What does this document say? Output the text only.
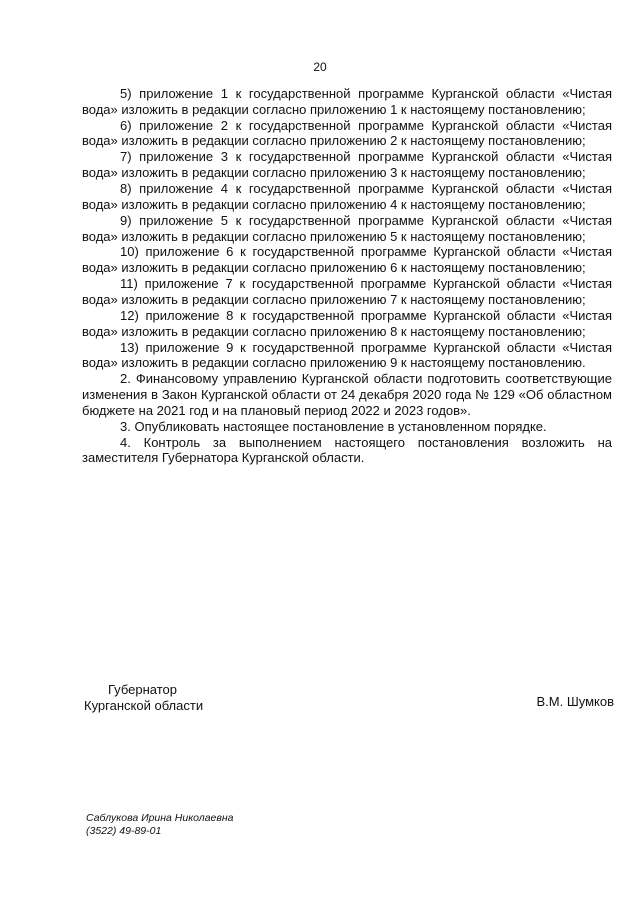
20

5) приложение 1 к государственной программе Курганской области «Чистая вода» изложить в редакции согласно приложению 1 к настоящему постановлению;

6) приложение 2 к государственной программе Курганской области «Чистая вода» изложить в редакции согласно приложению 2 к настоящему постановлению;

7) приложение 3 к государственной программе Курганской области «Чистая вода» изложить в редакции согласно приложению 3 к настоящему постановлению;

8) приложение 4 к государственной программе Курганской области «Чистая вода» изложить в редакции согласно приложению 4 к настоящему постановлению;

9) приложение 5 к государственной программе Курганской области «Чистая вода» изложить в редакции согласно приложению 5 к настоящему постановлению;

10) приложение 6 к государственной программе Курганской области «Чистая вода» изложить в редакции согласно приложению 6 к настоящему постановлению;

11) приложение 7 к государственной программе Курганской области «Чистая вода» изложить в редакции согласно приложению 7 к настоящему постановлению;

12) приложение 8 к государственной программе Курганской области «Чистая вода» изложить в редакции согласно приложению 8 к настоящему постановлению;

13) приложение 9 к государственной программе Курганской области «Чистая вода» изложить в редакции согласно приложению 9 к настоящему постановлению.

2. Финансовому управлению Курганской области подготовить соответствующие изменения в Закон Курганской области от 24 декабря 2020 года № 129 «Об областном бюджете на 2021 год и на плановый период 2022 и 2023 годов».

3. Опубликовать настоящее постановление в установленном порядке.

4. Контроль за выполнением настоящего постановления возложить на заместителя Губернатора Курганской области.

Губернатор
Курганской области	В.М. Шумков
Саблукова Ирина Николаевна
(3522) 49-89-01
